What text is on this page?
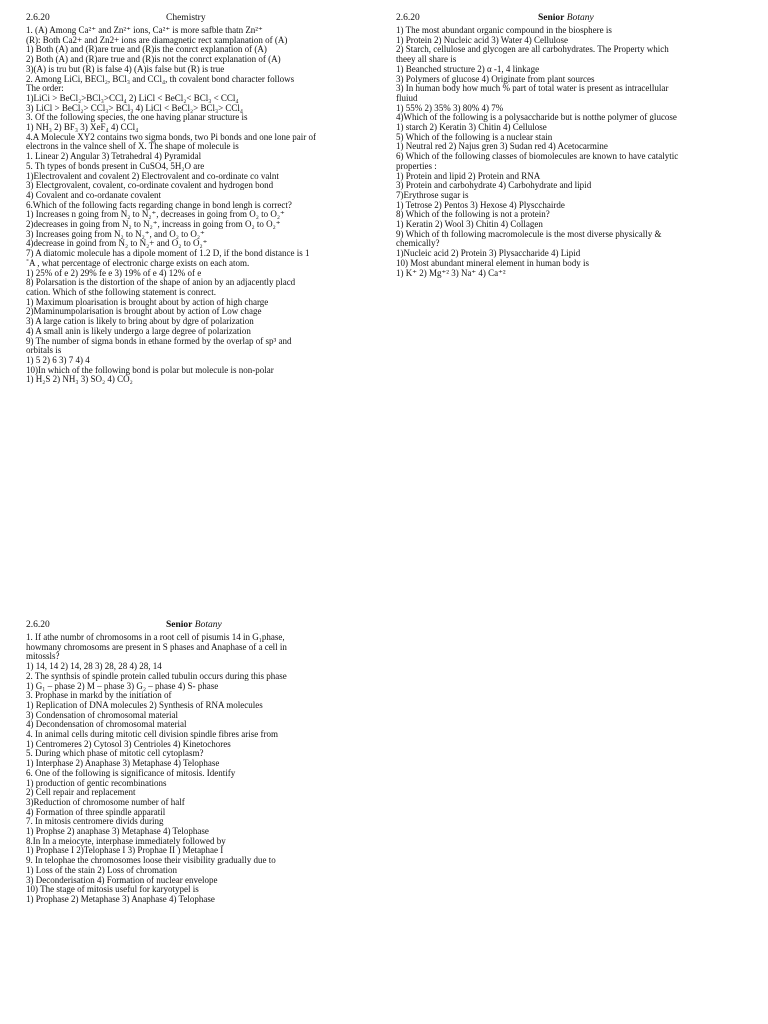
2.6.20	Chemistry

1. (A) Among Ca²⁺ and Zn²⁺ ions, Ca²⁺ is more safble thatn Zn²⁺

(R): Both Ca2+ and Zn2+ ions are diamagnetic rect xamplanation of (A)

1) Both (A) and (R)are true and (R)is the conrct explanation of (A)

2) Both (A) and (R)are true and (R)is not the conrct explanation of (A)

3)(A) is tru but (R) is false 4) (A)is false but (R) is true

2. Among LiCi, BECl₂, BCl₃ and CCl₄, th covalent bond character follows

The order:

1)LiCi > BeCl₂>BCl₃>CCl₄ 2) LiCl < BeCl₂< BCl₃ < CCl₄

3) LiCl > BeCl₂> CCl₃> BCl₃ 4) LiCl < BeCl₂> BCl₃> CCl₄

3. Of the following species, the one having planar structure is

1) NH₃ 2) BF₃ 3) XeF₄ 4) CCl₄

4.A Molecule XY2 contains two sigma bonds, two Pi bonds and one lone pair of

electrons in the valnce shell of X. The shape of molecule is

1. Linear 2) Angular 3) Tetrahedral 4) Pyramidal

5. Th types of bonds present in CuSO4, 5H₂O are

1)Electrovalent and covalent 2) Electrovalent and co-ordinate co valnt

3) Electgrovalent, covalent, co-ordinate covalent and hydrogen bond

4) Covalent and co-ordanate covalent

6.Which of the following facts regarding change in bond lengh is correct?

1) Increases n going from N₂ to N₂⁺, decreases in going from O₂ to O₂⁺

2)decreases in going from N₂ to N₂⁺, increass in going from O₂ to O₂⁺

3) Increases going from N₂ to N₂⁺, and O₂ to O₂⁺

4)decrease in goind from N₂ to N₂+ and O₂ to O₂⁺

7) A diatomic molecule has a dipole moment of 1.2 D, if the bond distance is 1

˚A , what percentage of electronic charge exists on each atom.

1) 25% of e 2) 29% fe e 3) 19% of e 4) 12% of e

8) Polarsation is the distortion of the shape of anion by an adjacently placd

cation. Which of sthe following statement is conrect.

1) Maximum ploarisation is brought about by action of high charge

2)Maminumpolarisation is brought about by action of Low chage

3) A large cation is likely to bring about by dgre of polarization

4) A small anin is likely undergo a large degree of polarization

9) The number of sigma bonds in ethane formed by the overlap of sp³ and

orbitals is

1) 5 2) 6 3) 7 4) 4

10)In which of the following bond is polar but molecule is non-polar

1) H₂S 2) NH₃ 3) SO₂ 4) CO₂

2.6.20	Senior Botany

1) The most abundant organic compound in the biosphere is

1) Protein 2) Nucleic acid 3) Water 4) Cellulose

2) Starch, cellulose and glycogen are all carbohydrates. The Property which

theey all share is

1) Beanched structure 2) α -1, 4 linkage

3) Polymers of glucose 4) Originate from plant sources

3) In human body how much % part of total water is present as intracellular

fluiud

1) 55% 2) 35% 3) 80% 4) 7%

4)Which of the following is a polysaccharide but is notthe polymer of glucose

1) starch 2) Keratin 3) Chitin 4) Cellulose

5) Which of the following is a nuclear stain

1) Neutral red 2) Najus gren 3) Sudan red 4) Acetocarmine

6) Which of the following classes of biomolecules are known to have catalytic

properties :

1) Protein and lipid 2) Protein and RNA

3) Protein and carbohydrate 4) Carbohydrate and lipid

7)Erythrose sugar is

1) Tetrose 2) Pentos 3) Hexose 4) Plyscchairde

8) Which of the following is not a protein?

1) Keratin 2) Wool 3) Chitin 4) Collagen

9) Which of th following macromolecule is the most diverse physically &

chemically?

1)Nucleic acid 2) Protein 3) Plysaccharide 4) Lipid

10) Most abundant mineral element in human body is

1) K⁺ 2) Mg⁺² 3) Na⁺ 4) Ca⁺²

2.6.20	Senior Botany

1. If athe numbr of chromosoms in a root cell of pisumis 14 in G₁phase,

howmany chromosoms are present in S phases and Anaphase of a cell in

mitossls?

1) 14, 14 2) 14, 28 3) 28, 28 4) 28, 14

2. The synthsis of spindle protein called tubulin occurs during this phase

1) G₁ – phase 2) M – phase 3) G₂ – phase 4) S- phase

3. Prophase in markd by the initiation of

1) Replication of DNA molecules 2) Synthesis of RNA molecules

3) Condensation of chromosomal material

4) Decondensation of chromosomal material

4. In animal cells during mitotic cell division spindle fibres arise from

1) Centromeres 2) Cytosol 3) Centrioles 4) Kinetochores

5. During which phase of mitotic cell cytoplasm?

1) Interphase 2) Anaphase 3) Metaphase 4) Telophase

6. One of the following is significance of mitosis. Identify

1) production of gentic recombinations

2) Cell repair and replacement

3)Reduction of chromosome number of half

4) Formation of three spindle apparatil

7. In mitosis centromere divids during

1) Prophse 2) anaphase 3) Metaphase 4) Telophase

8.In In a meiocyte, interphase immediately followed by

1) Prophase I 2)Telophase I 3) Prophae II ) Metaphae I

9. In telophae the chromosomes loose their visibility gradually due to

1) Loss of the stain 2) Loss of chromation

3) Deconderisation 4) Formation of nuclear envelope

10) The stage of mitosis useful for karyotypel is

1) Prophase 2) Metaphase 3) Anaphase 4) Telophase
